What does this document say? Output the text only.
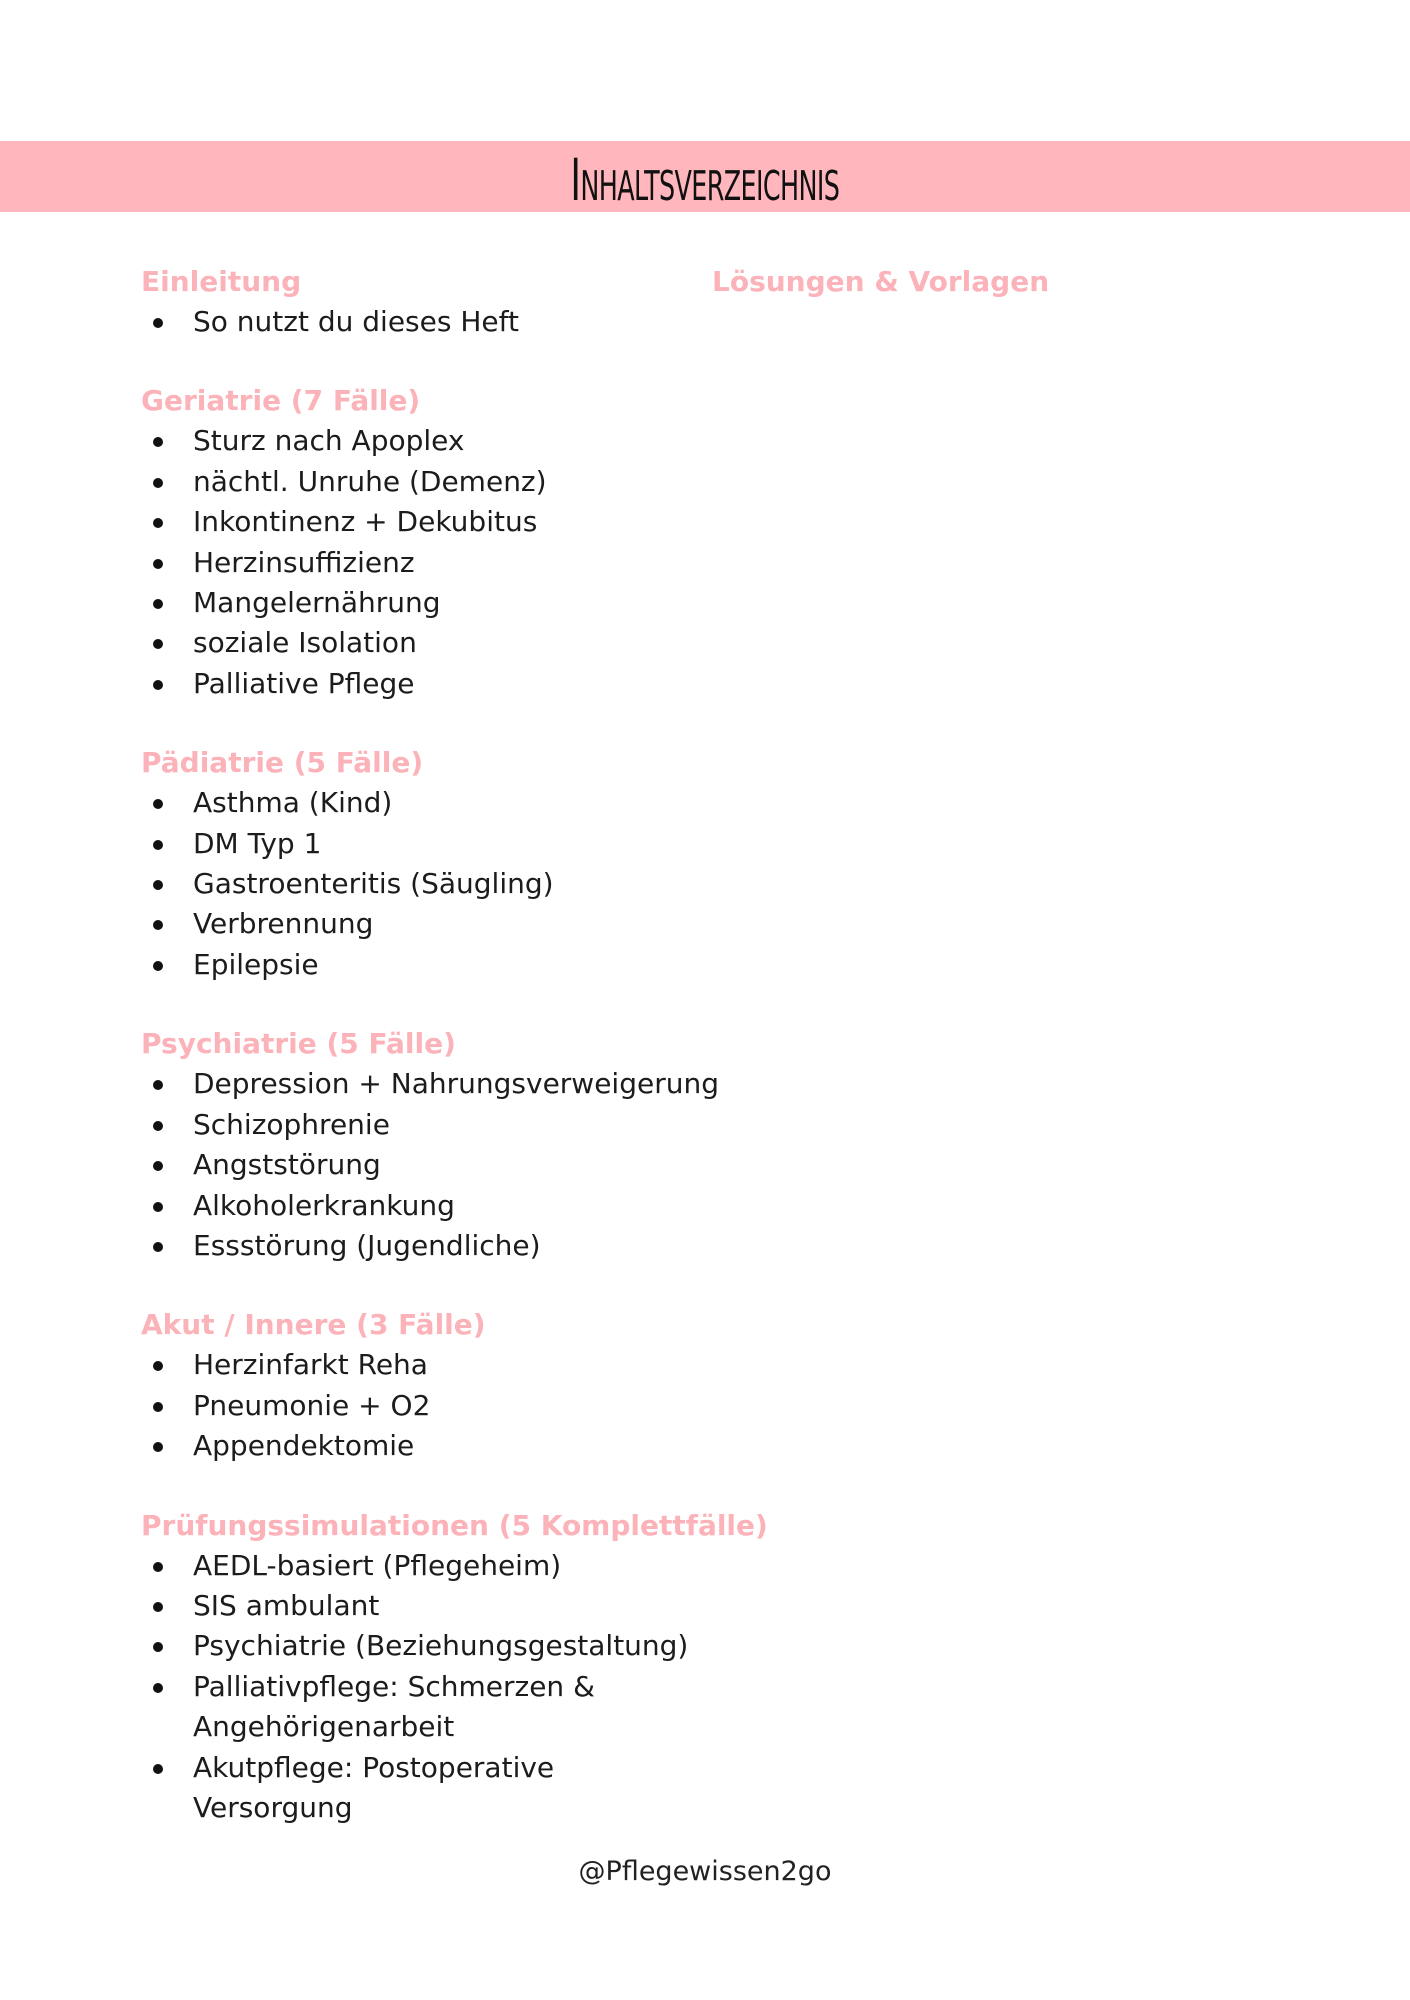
Inhaltsverzeichnis
Einleitung
So nutzt du dieses Heft
Geriatrie (7 Fälle)
Sturz nach Apoplex
nächtl. Unruhe (Demenz)
Inkontinenz + Dekubitus
Herzinsuffizienz
Mangelernährung
soziale Isolation
Palliative Pflege
Pädiatrie (5 Fälle)
Asthma (Kind)
DM Typ 1
Gastroenteritis (Säugling)
Verbrennung
Epilepsie
Psychiatrie (5 Fälle)
Depression + Nahrungsverweigerung
Schizophrenie
Angststörung
Alkoholerkrankung
Essstörung (Jugendliche)
Akut / Innere (3 Fälle)
Herzinfarkt Reha
Pneumonie + O2
Appendektomie
Prüfungssimulationen (5 Komplettfälle)
AEDL-basiert (Pflegeheim)
SIS ambulant
Psychiatrie (Beziehungsgestaltung)
Palliativpflege: Schmerzen & Angehörigenarbeit
Akutpflege: Postoperative Versorgung
Lösungen & Vorlagen
@Pflegewissen2go
